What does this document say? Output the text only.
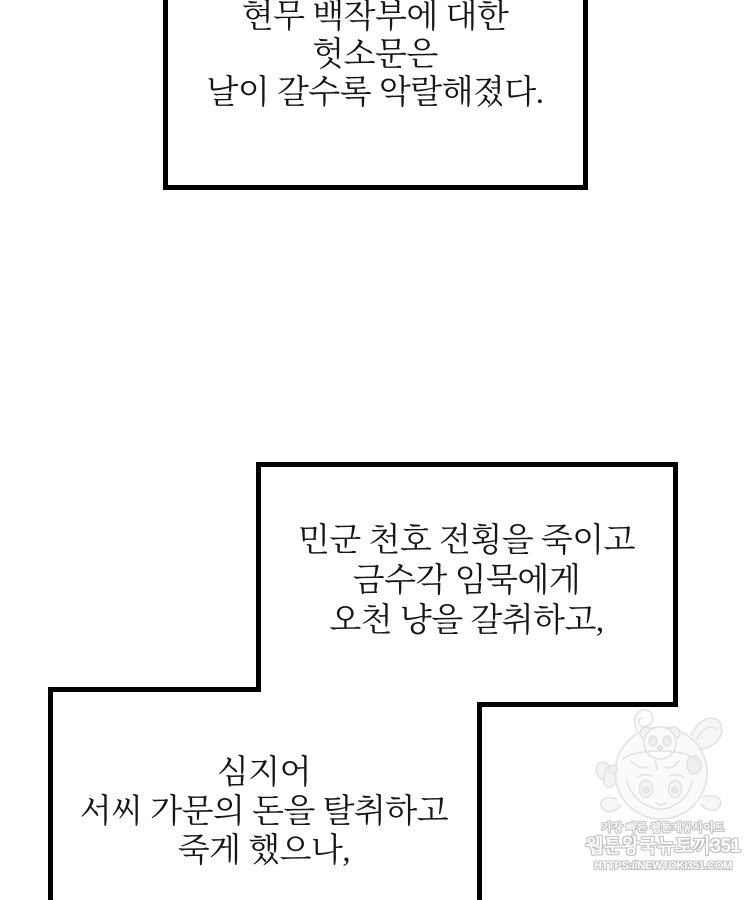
현무 백작부에 대한
헛소문은
날이 갈수록 악랄해졌다.
민군 천호 전횡을 죽이고
금수각 임묵에게
오천 냥을 갈취하고,
심지어
서씨 가문의 돈을 탈취하고
죽게 했으나,
가장 빠른 웹툰제공사이트
웹툰왕국뉴토끼351
HTTPS://NEWTOKI351.COM
